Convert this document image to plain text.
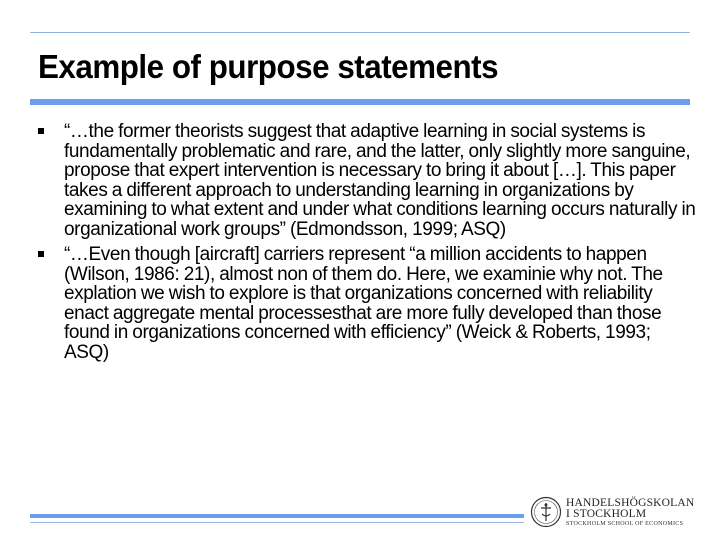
Example of purpose statements
“…the former theorists suggest that adaptive learning in social systems is fundamentally problematic and rare, and the latter, only slightly more sanguine, propose that expert intervention is necessary to bring it about […]. This paper takes a different approach to understanding learning in organizations by examining to what extent and under what conditions learning occurs naturally in organizational work groups” (Edmondsson, 1999; ASQ)
“…Even though [aircraft] carriers represent “a million accidents to happen (Wilson, 1986: 21), almost non of them do. Here, we examinie why not. The explation we wish to explore is that organizations concerned with reliability enact aggregate mental processesthat are more fully developed than those found in organizations concerned with efficiency” (Weick & Roberts, 1993; ASQ)
HANDELSHÖGSKOLAN
I STOCKHOLM
STOCKHOLM SCHOOL OF ECONOMICS
